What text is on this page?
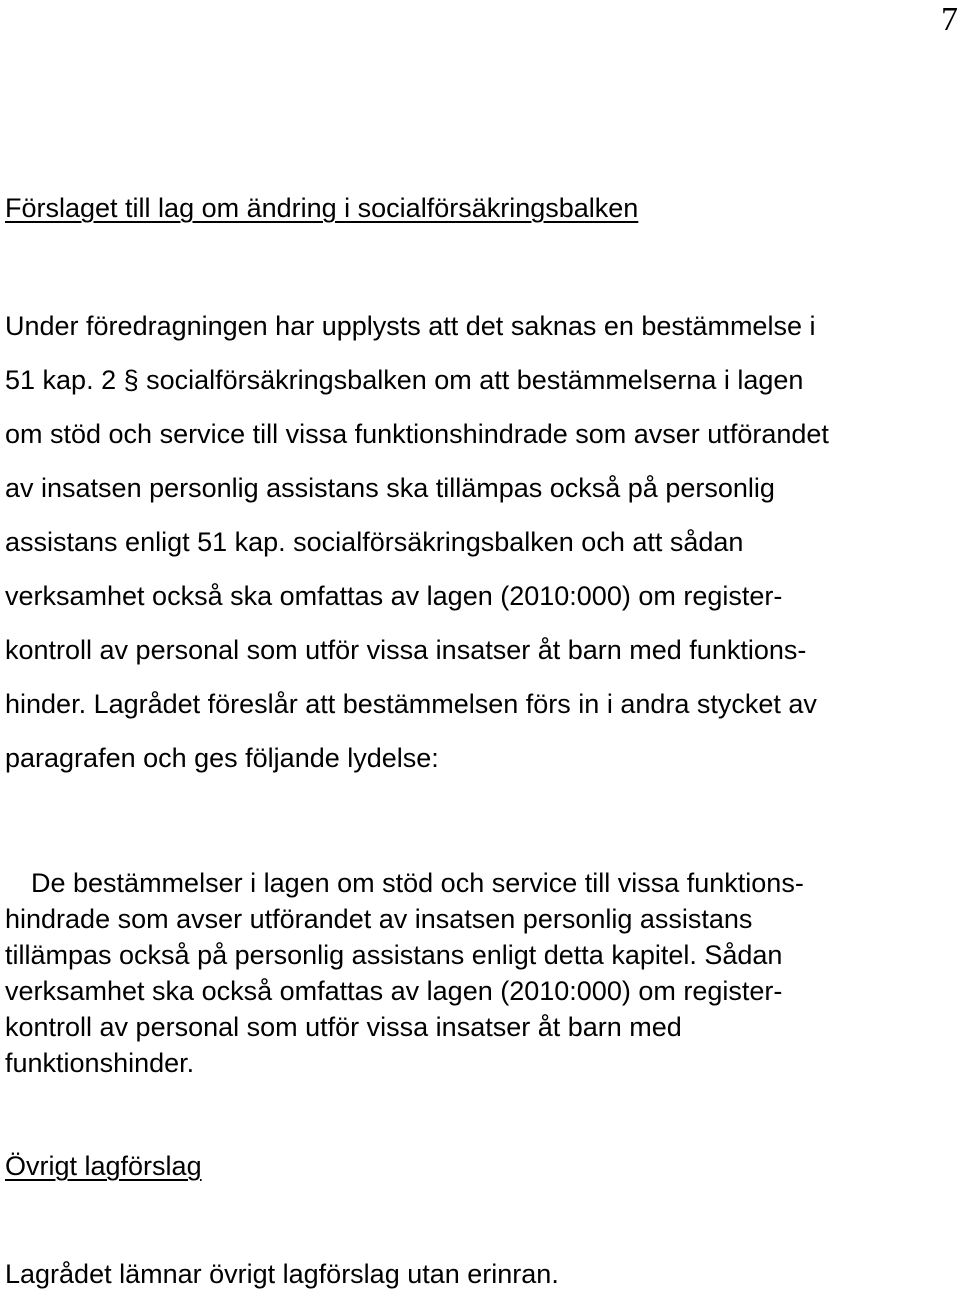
7
Förslaget till lag om ändring i socialförsäkringsbalken

Under föredragningen har upplysts att det saknas en bestämmelse i
51 kap. 2 § socialförsäkringsbalken om att bestämmelserna i lagen
om stöd och service till vissa funktionshindrade som avser utförandet
av insatsen personlig assistans ska tillämpas också på personlig
assistans enligt 51 kap. socialförsäkringsbalken och att sådan
verksamhet också ska omfattas av lagen (2010:000) om register-
kontroll av personal som utför vissa insatser åt barn med funktions-
hinder. Lagrådet föreslår att bestämmelsen förs in i andra stycket av
paragrafen och ges följande lydelse:

De bestämmelser i lagen om stöd och service till vissa funktions-
hindrade som avser utförandet av insatsen personlig assistans
tillämpas också på personlig assistans enligt detta kapitel. Sådan
verksamhet ska också omfattas av lagen (2010:000) om register-
kontroll av personal som utför vissa insatser åt barn med
funktionshinder.

Övrigt lagförslag

Lagrådet lämnar övrigt lagförslag utan erinran.
